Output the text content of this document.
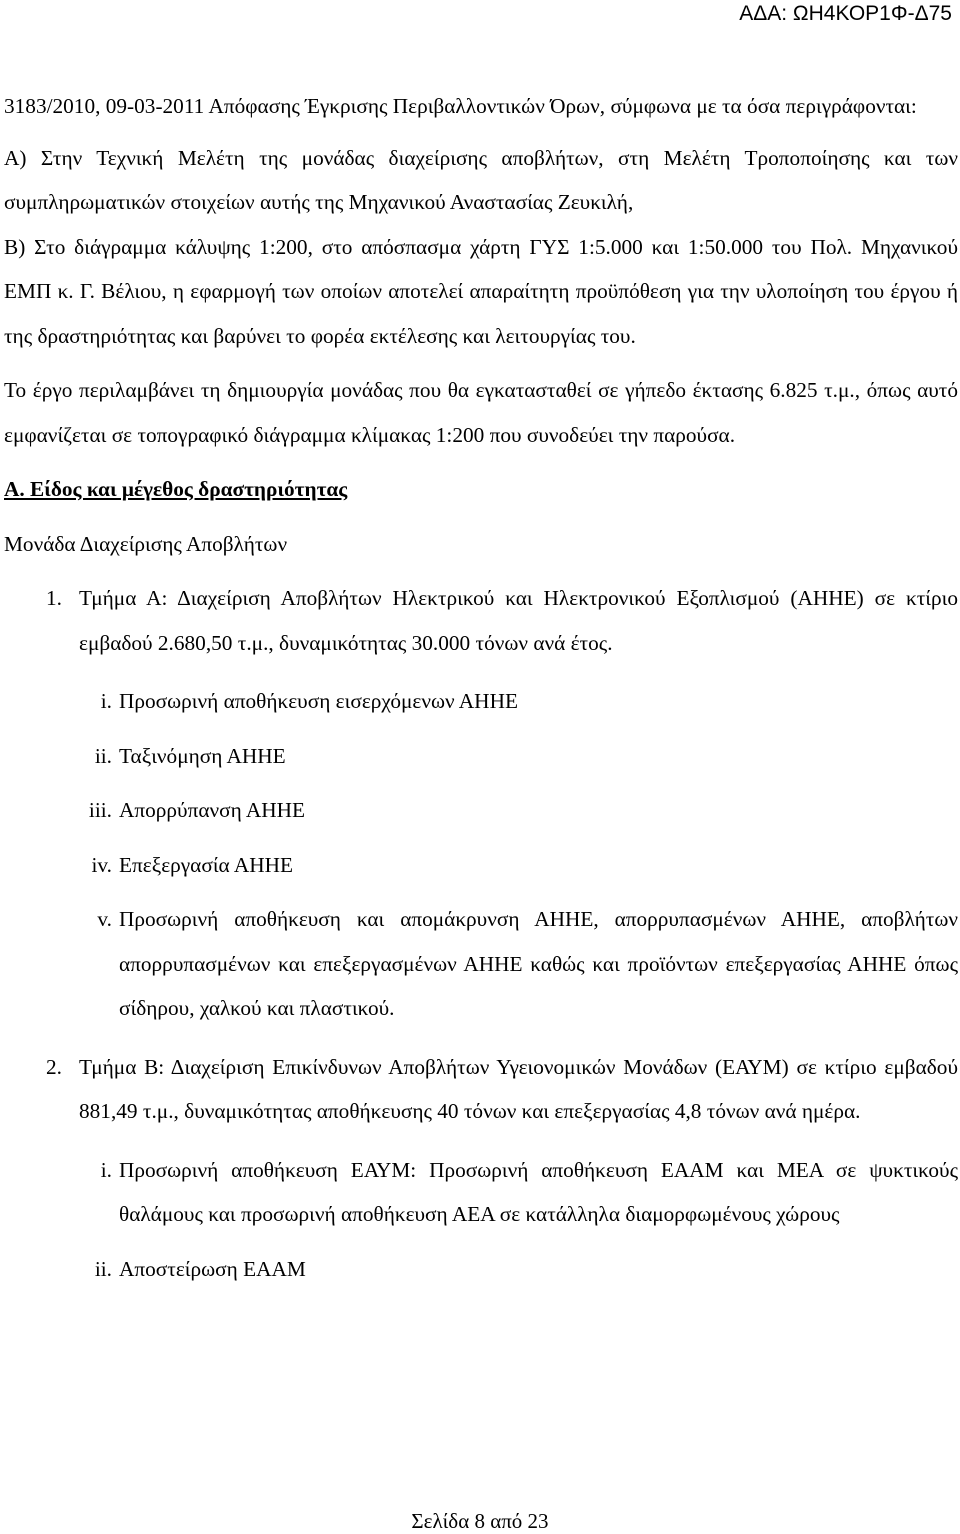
ΑΔΑ: ΩΗ4ΚΟΡ1Φ-Δ75

3183/2010, 09-03-2011 Απόφασης Έγκρισης Περιβαλλοντικών Όρων, σύμφωνα με τα όσα περιγράφονται:

Α) Στην Τεχνική Μελέτη της μονάδας διαχείρισης αποβλήτων, στη Μελέτη Τροποποίησης και των συμπληρωματικών στοιχείων αυτής της Μηχανικού Αναστασίας Ζευκιλή,

Β) Στο διάγραμμα κάλυψης 1:200, στο απόσπασμα χάρτη ΓΥΣ 1:5.000 και 1:50.000 του Πολ. Μηχανικού ΕΜΠ κ. Γ. Βέλιου, η εφαρμογή των οποίων αποτελεί απαραίτητη προϋπόθεση για την υλοποίηση του έργου ή της δραστηριότητας και βαρύνει το φορέα εκτέλεσης και λειτουργίας του.

Το έργο περιλαμβάνει τη δημιουργία μονάδας που θα εγκατασταθεί σε γήπεδο έκτασης 6.825 τ.μ., όπως αυτό εμφανίζεται σε τοπογραφικό διάγραμμα κλίμακας 1:200 που συνοδεύει την παρούσα.

Α. Είδος και μέγεθος δραστηριότητας

Μονάδα Διαχείρισης Αποβλήτων

1. Τμήμα Α: Διαχείριση Αποβλήτων Ηλεκτρικού και Ηλεκτρονικού Εξοπλισμού (ΑΗΗΕ) σε κτίριο εμβαδού 2.680,50 τ.μ., δυναμικότητας 30.000 τόνων ανά έτος.
i. Προσωρινή αποθήκευση εισερχόμενων ΑΗΗΕ
ii. Ταξινόμηση ΑΗΗΕ
iii. Απορρύπανση ΑΗΗΕ
iv. Επεξεργασία ΑΗΗΕ
v. Προσωρινή αποθήκευση και απομάκρυνση ΑΗΗΕ, απορρυπασμένων ΑΗΗΕ, αποβλήτων απορρυπασμένων και επεξεργασμένων ΑΗΗΕ καθώς και προϊόντων επεξεργασίας ΑΗΗΕ όπως σίδηρου, χαλκού και πλαστικού.
2. Τμήμα Β: Διαχείριση Επικίνδυνων Αποβλήτων Υγειονομικών Μονάδων (ΕΑΥΜ) σε κτίριο εμβαδού 881,49 τ.μ., δυναμικότητας αποθήκευσης 40 τόνων και επεξεργασίας 4,8 τόνων ανά ημέρα.
i. Προσωρινή αποθήκευση ΕΑΥΜ: Προσωρινή αποθήκευση ΕΑΑΜ και ΜΕΑ σε ψυκτικούς θαλάμους και προσωρινή αποθήκευση ΑΕΑ σε κατάλληλα διαμορφωμένους χώρους
ii. Αποστείρωση ΕΑΑΜ
Σελίδα 8 από 23
